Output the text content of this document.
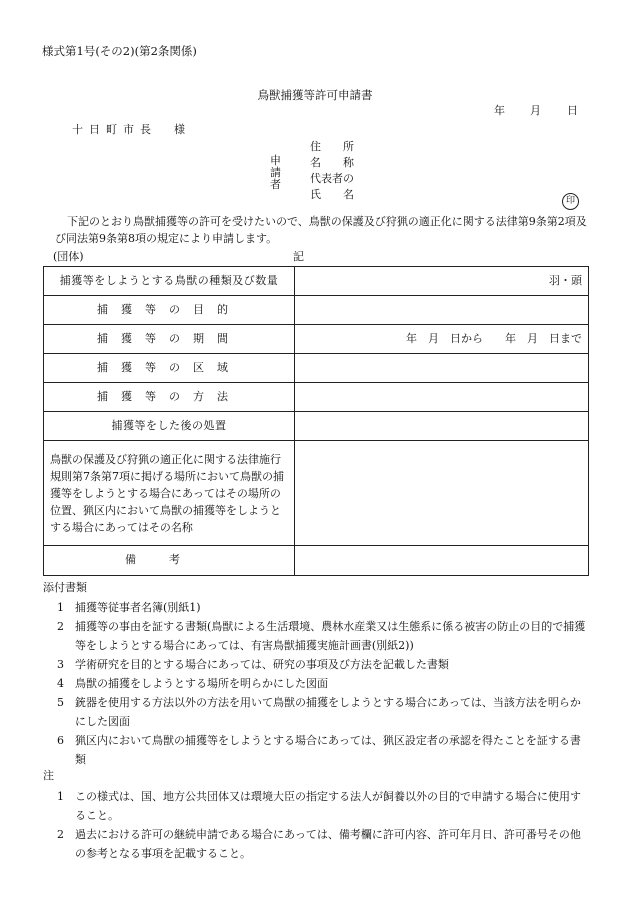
様式第1号(その2)(第2条関係)
鳥獣捕獲等許可申請書
年 月 日
十日町市長　様
申請者
住　　所
名　　称
代表者の
氏　　名	印
下記のとおり鳥獣捕獲等の許可を受けたいので、鳥獣の保護及び狩猟の適正化に関する法律第9条第2項及び同法第9条第8項の規定により申請します。
(団体)	記
捕獲等をしようとする鳥獣の種類及び数量	羽・頭
捕獲等の目的	
捕獲等の期間	年　月　日から　　年　月　日まで
捕獲等の区域	
捕獲等の方法	
捕獲等をした後の処置	
鳥獣の保護及び狩猟の適正化に関する法律施行規則第7条第7項に掲げる場所において鳥獣の捕獲等をしようとする場合にあってはその場所の位置、猟区内において鳥獣の捕獲等をしようとする場合にあってはその名称	
備考	
添付書類
1 捕獲等従事者名簿(別紙1)
2 捕獲等の事由を証する書類(鳥獣による生活環境、農林水産業又は生態系に係る被害の防止の目的で捕獲等をしようとする場合にあっては、有害鳥獣捕獲実施計画書(別紙2))
3 学術研究を目的とする場合にあっては、研究の事項及び方法を記載した書類
4 鳥獣の捕獲をしようとする場所を明らかにした図面
5 銃器を使用する方法以外の方法を用いて鳥獣の捕獲をしようとする場合にあっては、当該方法を明らかにした図面
6 猟区内において鳥獣の捕獲等をしようとする場合にあっては、猟区設定者の承認を得たことを証する書類
注
1 この様式は、国、地方公共団体又は環境大臣の指定する法人が飼養以外の目的で申請する場合に使用すること。
2 過去における許可の継続申請である場合にあっては、備考欄に許可内容、許可年月日、許可番号その他の参考となる事項を記載すること。
